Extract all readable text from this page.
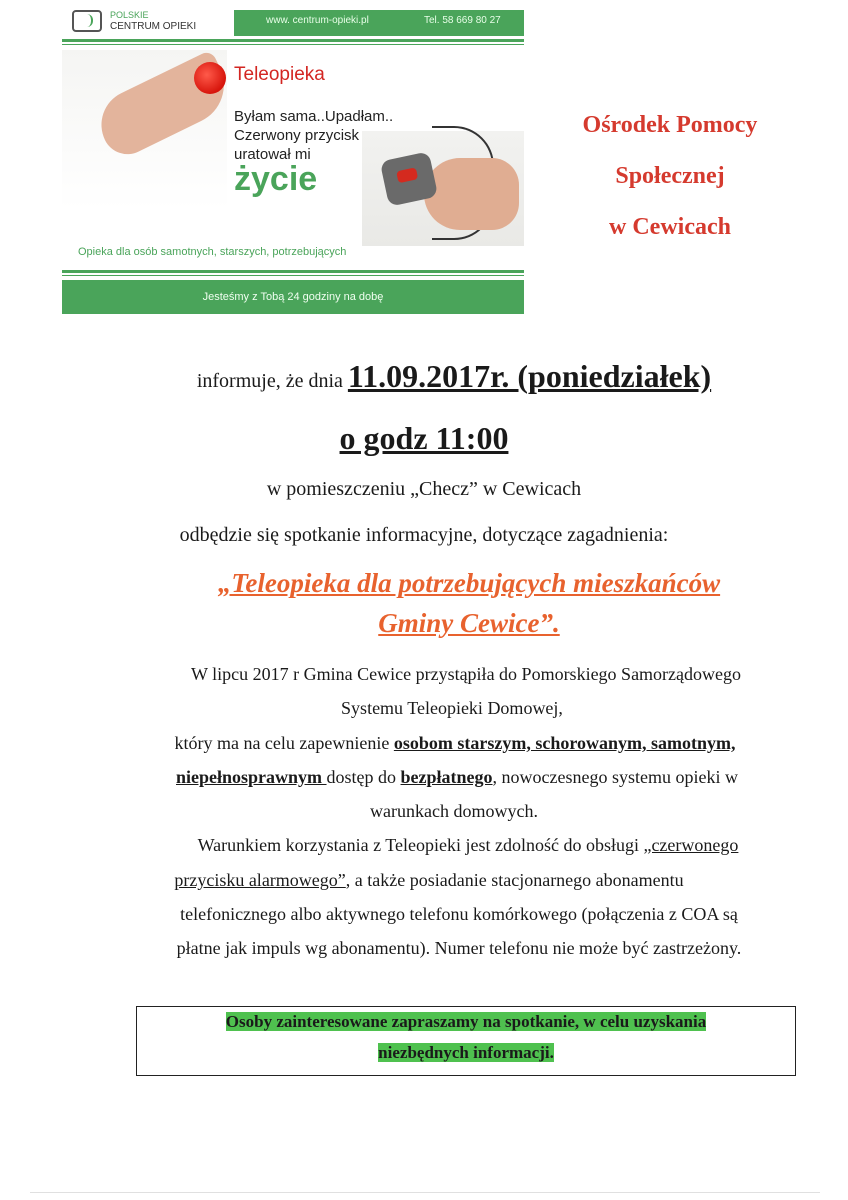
POLSKIE
CENTRUM OPIEKI
www. centrum-opieki.pl	Tel. 58 669 80 27
Teleopieka
Byłam sama..Upadłam..
Czerwony przycisk
uratował mi
życie
Opieka dla osób samotnych, starszych, potrzebujących
Jesteśmy z Tobą 24 godziny na dobę
Ośrodek Pomocy
Społecznej
w Cewicach
informuje, że dnia 11.09.2017r. (poniedziałek)
o godz 11:00
w pomieszczeniu „Checz” w Cewicach
odbędzie się spotkanie informacyjne, dotyczące zagadnienia:
„Teleopieka dla potrzebujących mieszkańców
Gminy Cewice”.
W lipcu 2017 r Gmina Cewice przystąpiła do Pomorskiego Samorządowego
Systemu Teleopieki Domowej,
który ma na celu zapewnienie osobom starszym, schorowanym, samotnym,
niepełnosprawnym dostęp do bezpłatnego, nowoczesnego systemu opieki w
warunkach domowych.
Warunkiem korzystania z Teleopieki jest zdolność do obsługi „czerwonego
przycisku alarmowego”, a także posiadanie stacjonarnego abonamentu
telefonicznego albo aktywnego telefonu komórkowego (połączenia z COA są
płatne jak impuls wg abonamentu). Numer telefonu nie może być zastrzeżony.
Osoby zainteresowane zapraszamy na spotkanie, w celu uzyskania
niezbędnych informacji.
